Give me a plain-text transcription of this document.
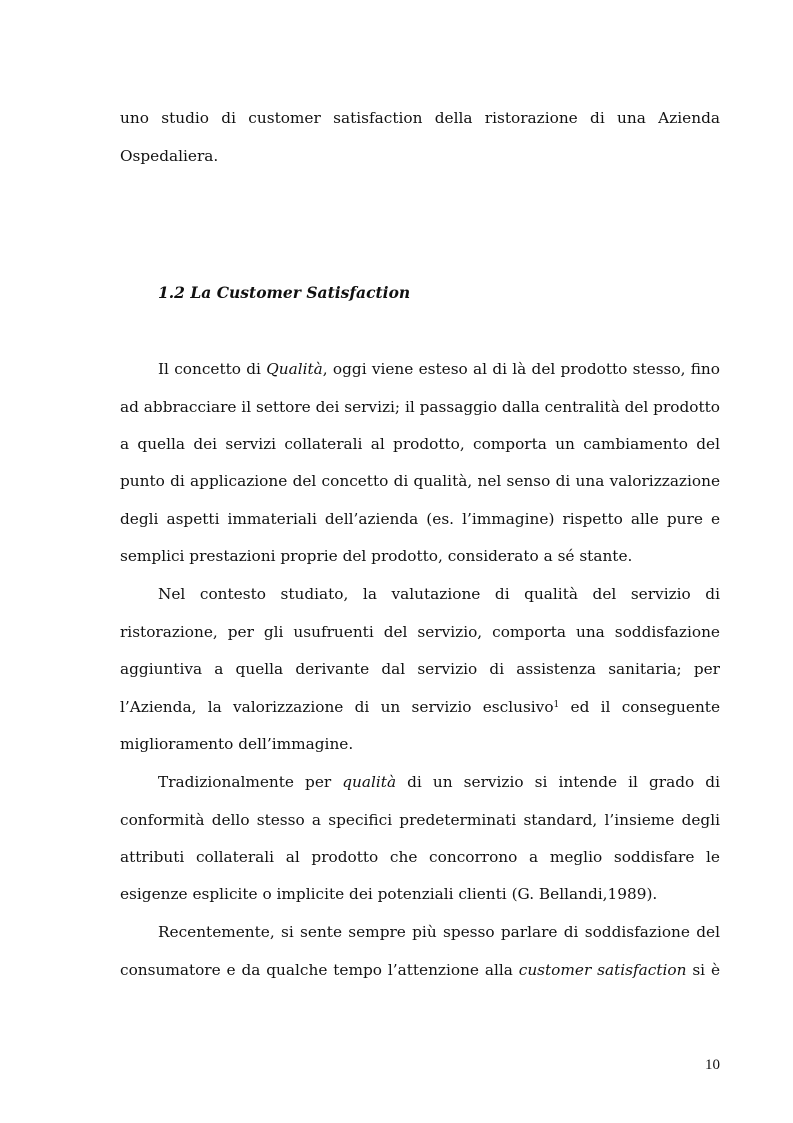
uno studio di customer satisfaction della ristorazione di una Azienda

Ospedaliera.

1.2 La Customer Satisfaction

Il concetto di Qualità, oggi viene esteso al di là del prodotto stesso, fino

ad abbracciare il settore dei servizi; il passaggio dalla centralità del prodotto

a quella dei servizi collaterali al prodotto, comporta un cambiamento del

punto di applicazione del concetto di qualità, nel senso di una valorizzazione

degli aspetti immateriali dell’azienda (es. l’immagine) rispetto alle pure e

semplici prestazioni proprie del prodotto, considerato a sé stante.

Nel contesto studiato, la valutazione di qualità del servizio di

ristorazione, per gli usufruenti del servizio, comporta una soddisfazione

aggiuntiva a quella derivante dal servizio di assistenza sanitaria; per

l’Azienda, la valorizzazione di un servizio esclusivo$^1$ ed il conseguente

miglioramento dell’immagine.

Tradizionalmente per qualità di un servizio si intende il grado di

conformità dello stesso a specifici predeterminati standard, l’insieme degli

attributi collaterali al prodotto che concorrono a meglio soddisfare le

esigenze esplicite o implicite dei potenziali clienti (G. Bellandi,1989).

Recentemente, si sente sempre più spesso parlare di soddisfazione del

consumatore e da qualche tempo l’attenzione alla customer satisfaction si è

10
